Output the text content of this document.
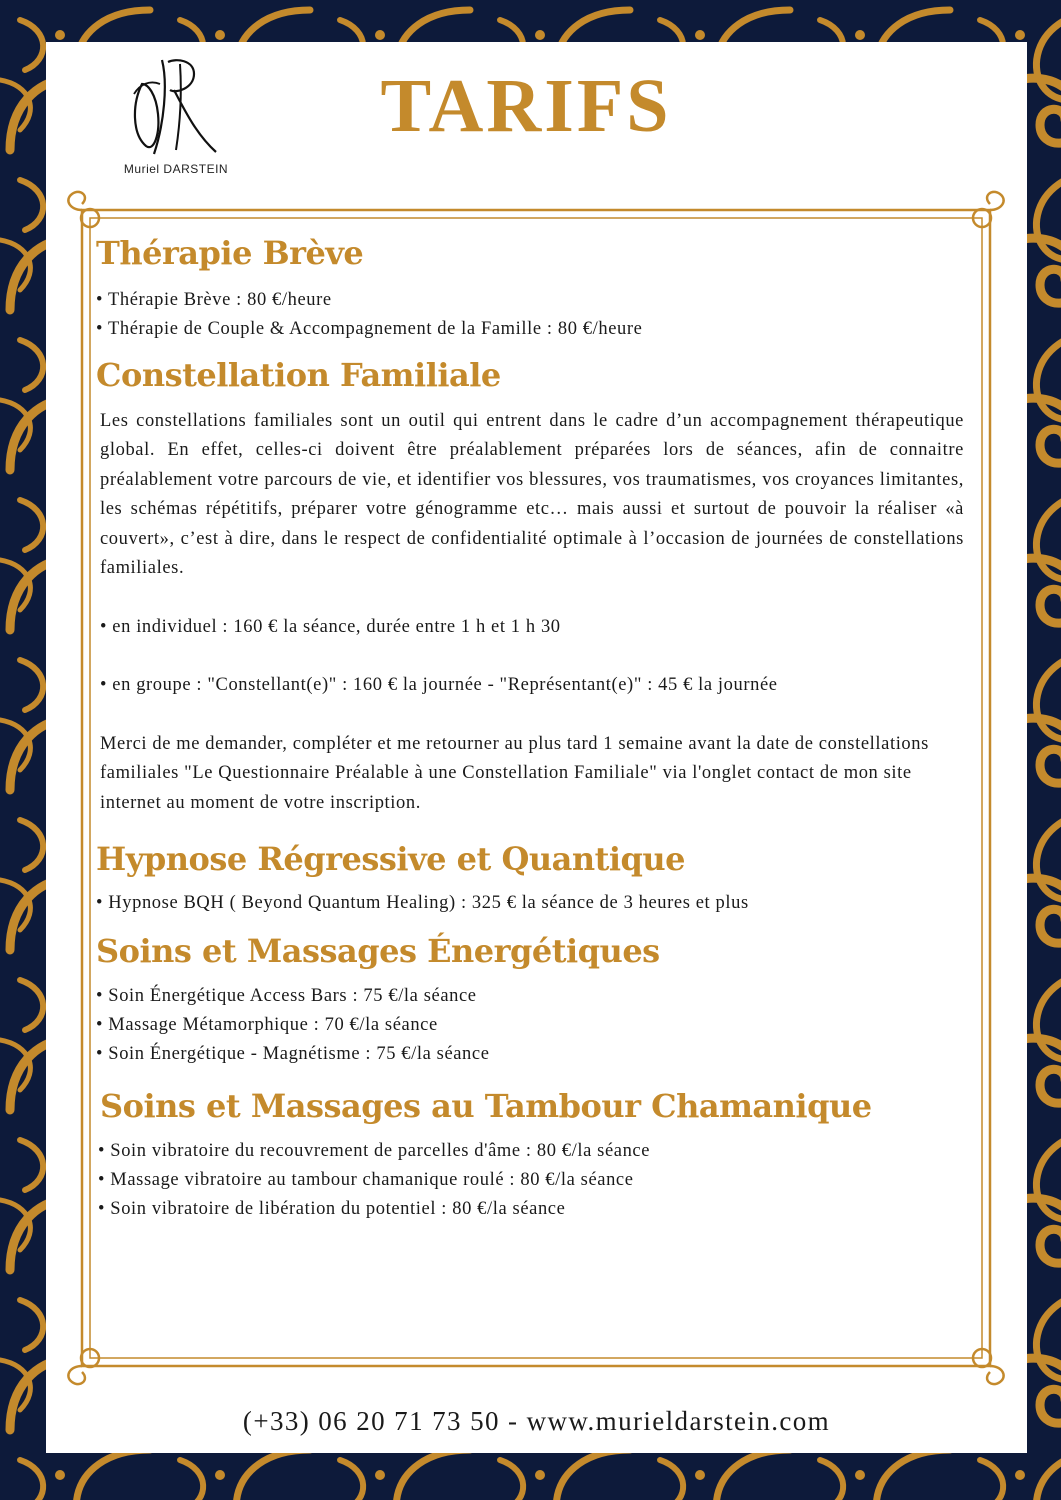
Muriel DARSTEIN
TARIFS
Thérapie Brève
• Thérapie Brève : 80 €/heure
• Thérapie de Couple & Accompagnement de la Famille : 80 €/heure
Constellation Familiale

Les constellations familiales sont un outil qui entrent dans le cadre d’un accompagnement thérapeutique global. En effet, celles-ci doivent être préalablement préparées lors de séances, afin de connaitre préalablement votre parcours de vie, et identifier vos blessures, vos traumatismes, vos croyances limitantes, les schémas répétitifs, préparer votre génogramme etc… mais aussi et surtout de pouvoir la réaliser «à couvert», c’est à dire, dans le respect de confidentialité optimale à l’occasion de journées de constellations familiales.

• en individuel : 160 € la séance, durée entre 1 h et 1 h 30

• en groupe : "Constellant(e)" : 160 € la journée - "Représentant(e)" : 45 € la journée

Merci de me demander, compléter et me retourner au plus tard 1 semaine avant la date de constellations familiales "Le Questionnaire Préalable à une Constellation Familiale" via l'onglet contact de mon site internet au moment de votre inscription.

Hypnose Régressive et Quantique
• Hypnose BQH ( Beyond Quantum Healing) : 325 € la séance de 3 heures et plus
Soins et Massages Énergétiques
• Soin Énergétique Access Bars : 75 €/la séance
• Massage Métamorphique : 70 €/la séance
• Soin Énergétique - Magnétisme : 75 €/la séance
Soins et Massages au Tambour Chamanique
• Soin vibratoire du recouvrement de parcelles d'âme : 80 €/la séance
• Massage vibratoire au tambour chamanique roulé : 80 €/la séance
• Soin vibratoire de libération du potentiel : 80 €/la séance
(+33) 06 20 71 73 50 - www.murieldarstein.com
